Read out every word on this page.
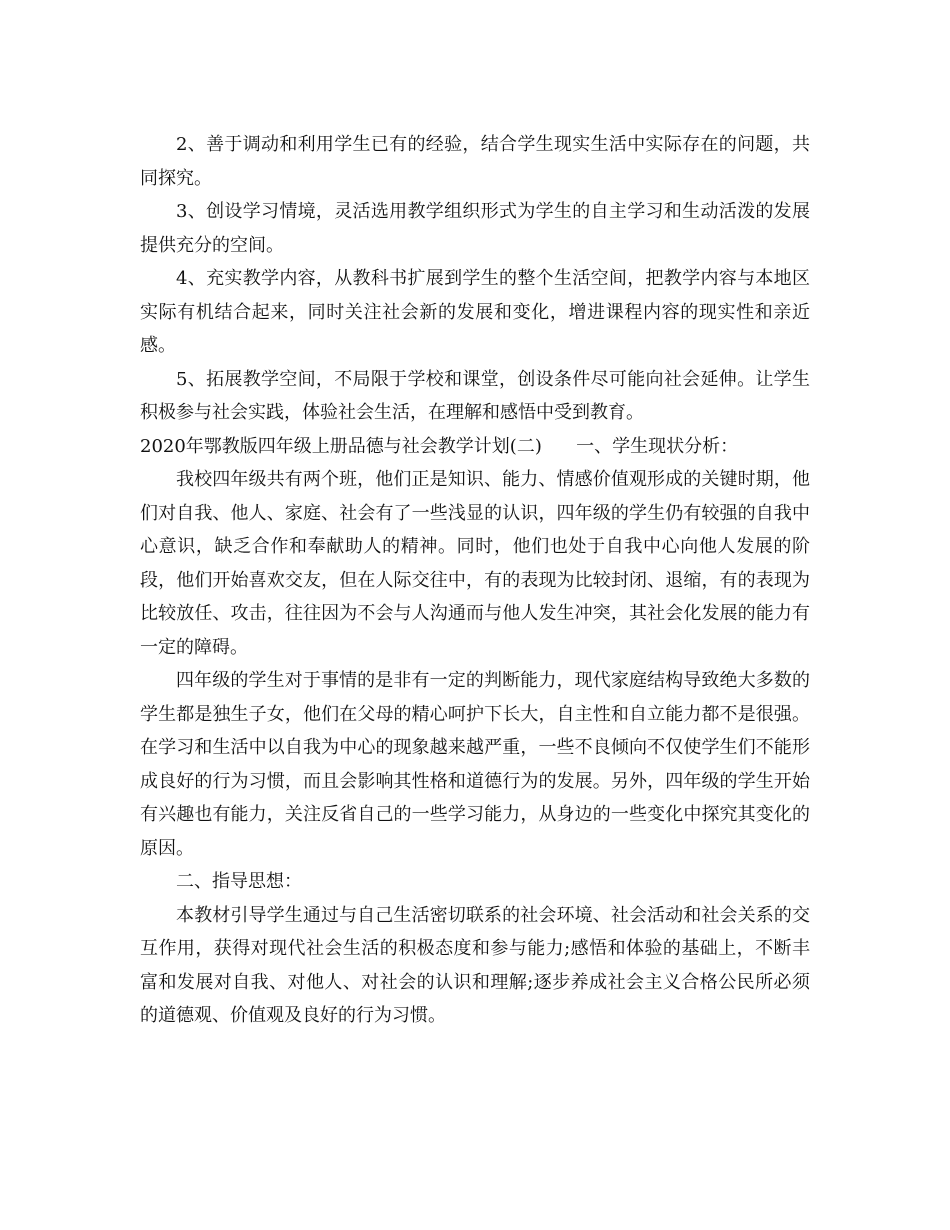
2、善于调动和利用学生已有的经验，结合学生现实生活中实际存在的问题，共同探究。

3、创设学习情境，灵活选用教学组织形式为学生的自主学习和生动活泼的发展提供充分的空间。

4、充实教学内容，从教科书扩展到学生的整个生活空间，把教学内容与本地区实际有机结合起来，同时关注社会新的发展和变化，增进课程内容的现实性和亲近感。

5、拓展教学空间，不局限于学校和课堂，创设条件尽可能向社会延伸。让学生积极参与社会实践，体验社会生活，在理解和感悟中受到教育。

2020年鄂教版四年级上册品德与社会教学计划(二)      一、学生现状分析：

我校四年级共有两个班，他们正是知识、能力、情感价值观形成的关键时期，他们对自我、他人、家庭、社会有了一些浅显的认识，四年级的学生仍有较强的自我中心意识，缺乏合作和奉献助人的精神。同时，他们也处于自我中心向他人发展的阶段，他们开始喜欢交友，但在人际交往中，有的表现为比较封闭、退缩，有的表现为比较放任、攻击，往往因为不会与人沟通而与他人发生冲突，其社会化发展的能力有一定的障碍。

四年级的学生对于事情的是非有一定的判断能力，现代家庭结构导致绝大多数的学生都是独生子女，他们在父母的精心呵护下长大，自主性和自立能力都不是很强。在学习和生活中以自我为中心的现象越来越严重，一些不良倾向不仅使学生们不能形成良好的行为习惯，而且会影响其性格和道德行为的发展。另外，四年级的学生开始有兴趣也有能力，关注反省自己的一些学习能力，从身边的一些变化中探究其变化的原因。

二、指导思想：

本教材引导学生通过与自己生活密切联系的社会环境、社会活动和社会关系的交互作用，获得对现代社会生活的积极态度和参与能力;感悟和体验的基础上，不断丰富和发展对自我、对他人、对社会的认识和理解;逐步养成社会主义合格公民所必须的道德观、价值观及良好的行为习惯。
